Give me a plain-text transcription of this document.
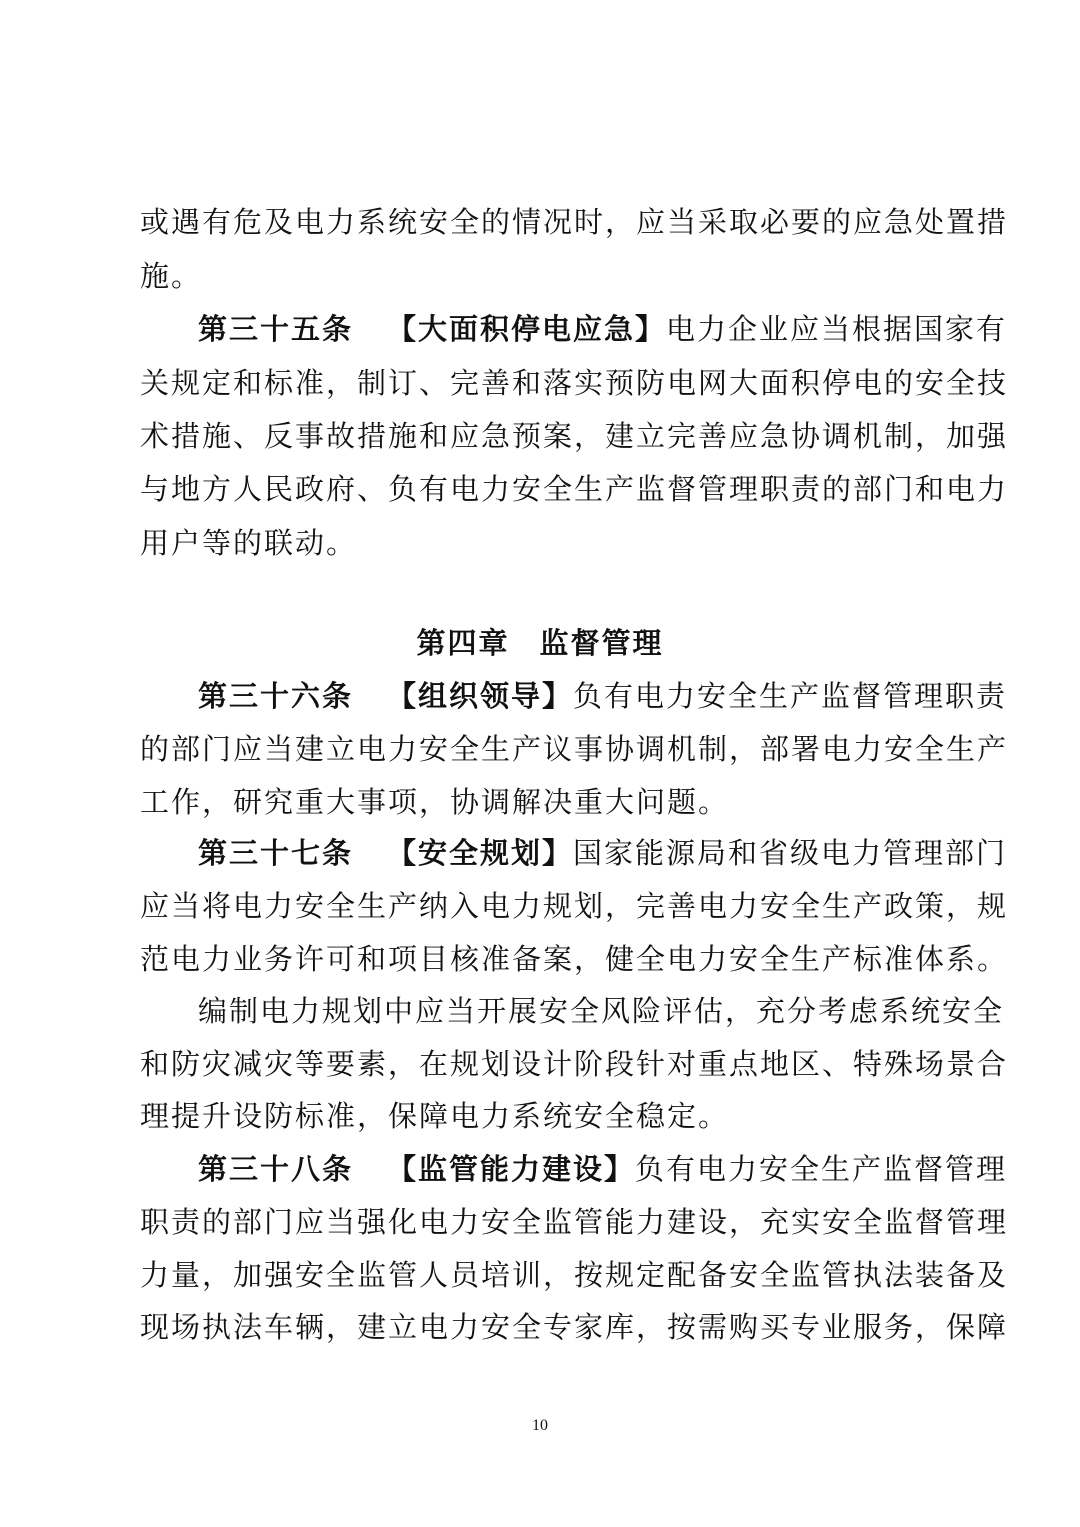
或遇有危及电力系统安全的情况时，应当采取必要的应急处置措
施。
第三十五条 【大面积停电应急】电力企业应当根据国家有
关规定和标准，制订、完善和落实预防电网大面积停电的安全技
术措施、反事故措施和应急预案，建立完善应急协调机制，加强
与地方人民政府、负有电力安全生产监督管理职责的部门和电力
用户等的联动。
第四章 监督管理
第三十六条 【组织领导】负有电力安全生产监督管理职责
的部门应当建立电力安全生产议事协调机制，部署电力安全生产
工作，研究重大事项，协调解决重大问题。
第三十七条 【安全规划】国家能源局和省级电力管理部门
应当将电力安全生产纳入电力规划，完善电力安全生产政策，规
范电力业务许可和项目核准备案，健全电力安全生产标准体系。
编制电力规划中应当开展安全风险评估，充分考虑系统安全
和防灾减灾等要素，在规划设计阶段针对重点地区、特殊场景合
理提升设防标准，保障电力系统安全稳定。
第三十八条 【监管能力建设】负有电力安全生产监督管理
职责的部门应当强化电力安全监管能力建设，充实安全监督管理
力量，加强安全监管人员培训，按规定配备安全监管执法装备及
现场执法车辆，建立电力安全专家库，按需购买专业服务，保障
10
